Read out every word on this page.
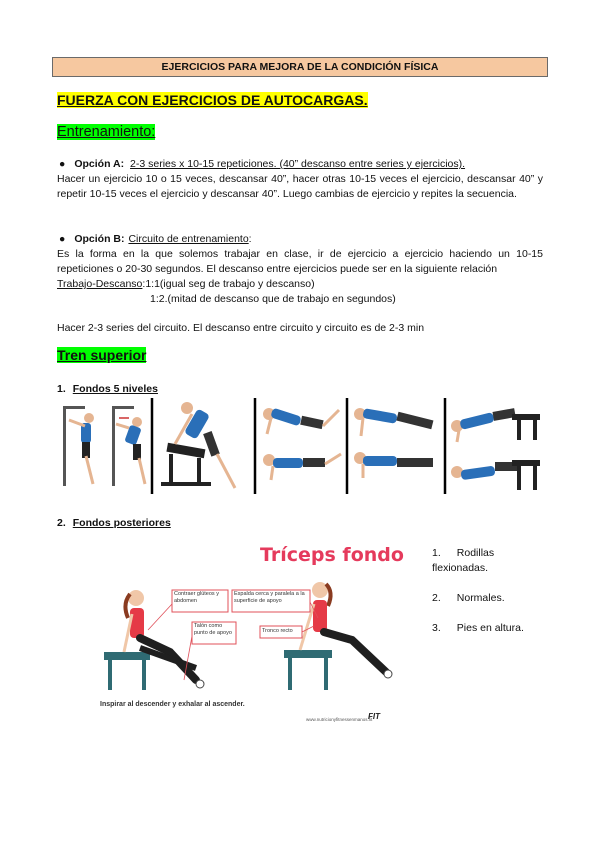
EJERCICIOS PARA MEJORA DE LA CONDICIÓN FÍSICA
FUERZA CON EJERCICIOS DE AUTOCARGAS.
Entrenamiento:
● Opción A: 2-3 series x 10-15 repeticiones. (40” descanso entre series y ejercicios).
Hacer un ejercicio 10 o 15 veces, descansar 40”, hacer otras 10-15 veces el ejercicio, descansar 40” y repetir 10-15 veces el ejercicio y descansar 40”. Luego cambias de ejercicio y repites la secuencia.
● Opción B: Circuito de entrenamiento:
Es la forma en la que solemos trabajar en clase, ir de ejercicio a ejercicio haciendo un 10-15 repeticiones o 20-30 segundos. El descanso entre ejercicios puede ser en la siguiente relación
Trabajo-Descanso:1:1(igual seg de trabajo y descanso)
1:2.(mitad de descanso que de trabajo en segundos)
Hacer 2-3 series del circuito. El descanso entre circuito y circuito es de 2-3 min
Tren superior
1. Fondos 5 niveles
2. Fondos posteriores
Tríceps fondo
Contraer glúteos y abdomen
Talón como punto de apoyo
Espalda cerca y paralela a la superficie de apoyo
Tronco recto
Inspirar al descender y exhalar al ascender.
www.nutricionyfitnessenmanos.fit
FIT
1. Rodillas
flexionadas.
2. Normales.
3. Pies en altura.
